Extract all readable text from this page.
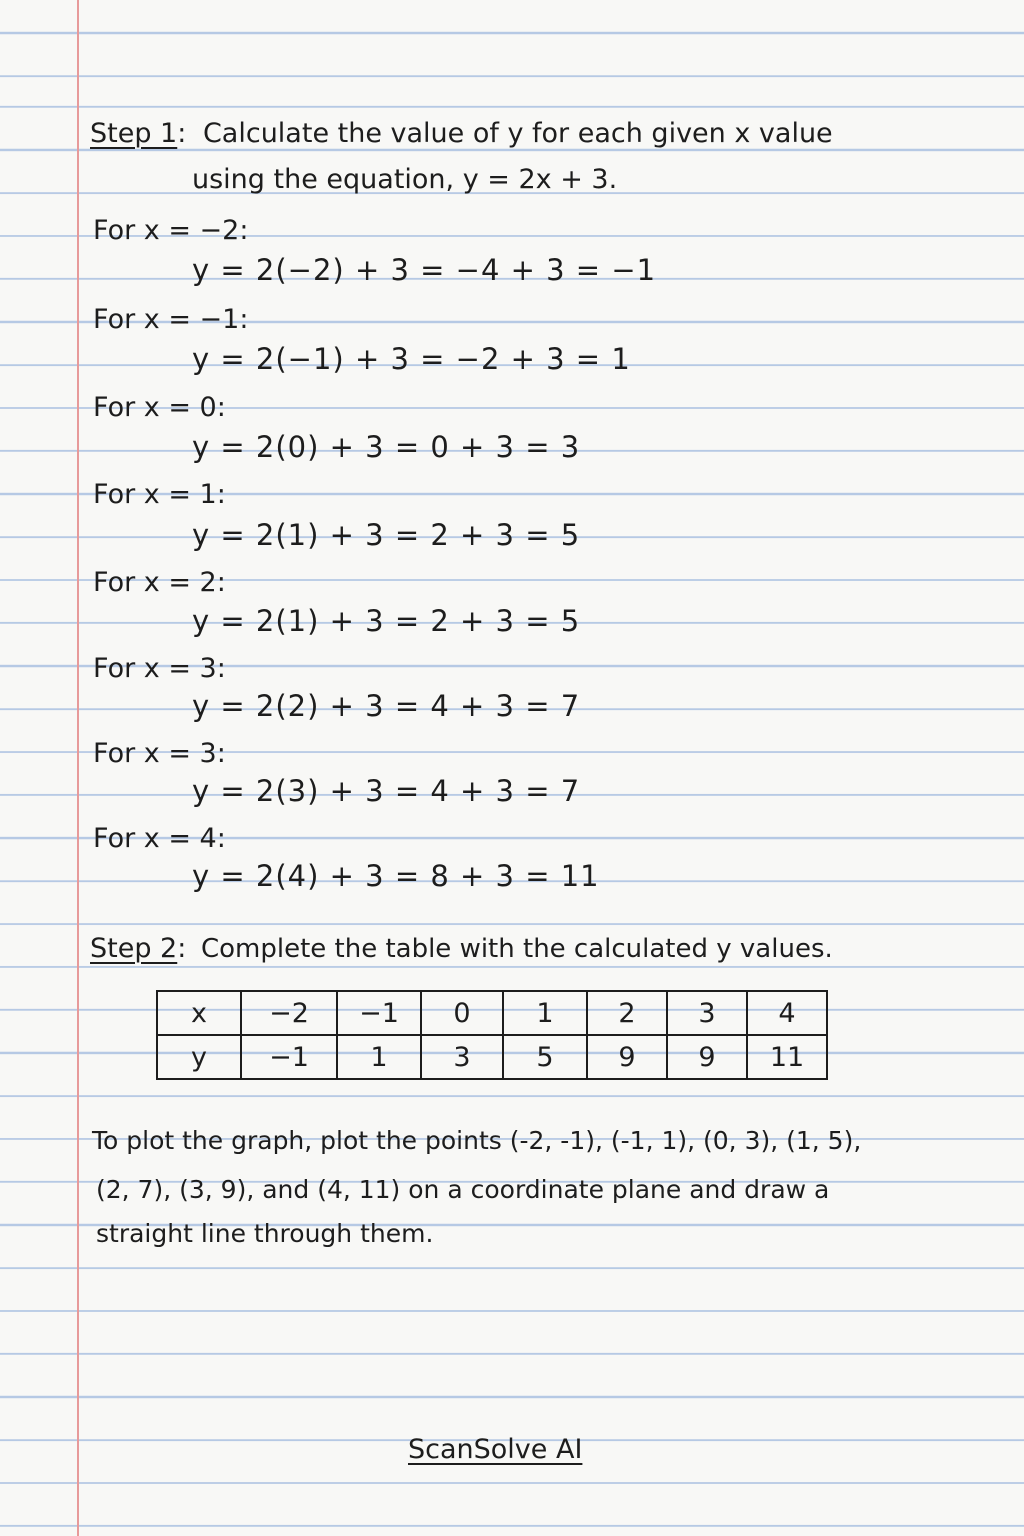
Step 1: Calculate the value of y for each given x value
using the equation, y = 2x + 3.
For x = −2:
y = 2(−2) + 3 = −4 + 3 = −1
For x = −1:
y = 2(−1) + 3 = −2 + 3 = 1
For x = 0:
y = 2(0) + 3 = 0 + 3 = 3
For x = 1:
y = 2(1) + 3 = 2 + 3 = 5
For x = 2:
y = 2(1) + 3 = 2 + 3 = 5
For x = 3:
y = 2(2) + 3 = 4 + 3 = 7
For x = 3:
y = 2(3) + 3 = 4 + 3 = 7
For x = 4:
y = 2(4) + 3 = 8 + 3 = 11
Step 2: Complete the table with the calculated y values.
x	−2	−1	0	1	2	3	4
y	−1	1	3	5	9	9	11
To plot the graph, plot the points (-2, -1), (-1, 1), (0, 3), (1, 5),
(2, 7), (3, 9), and (4, 11) on a coordinate plane and draw a
straight line through them.
ScanSolve AI
